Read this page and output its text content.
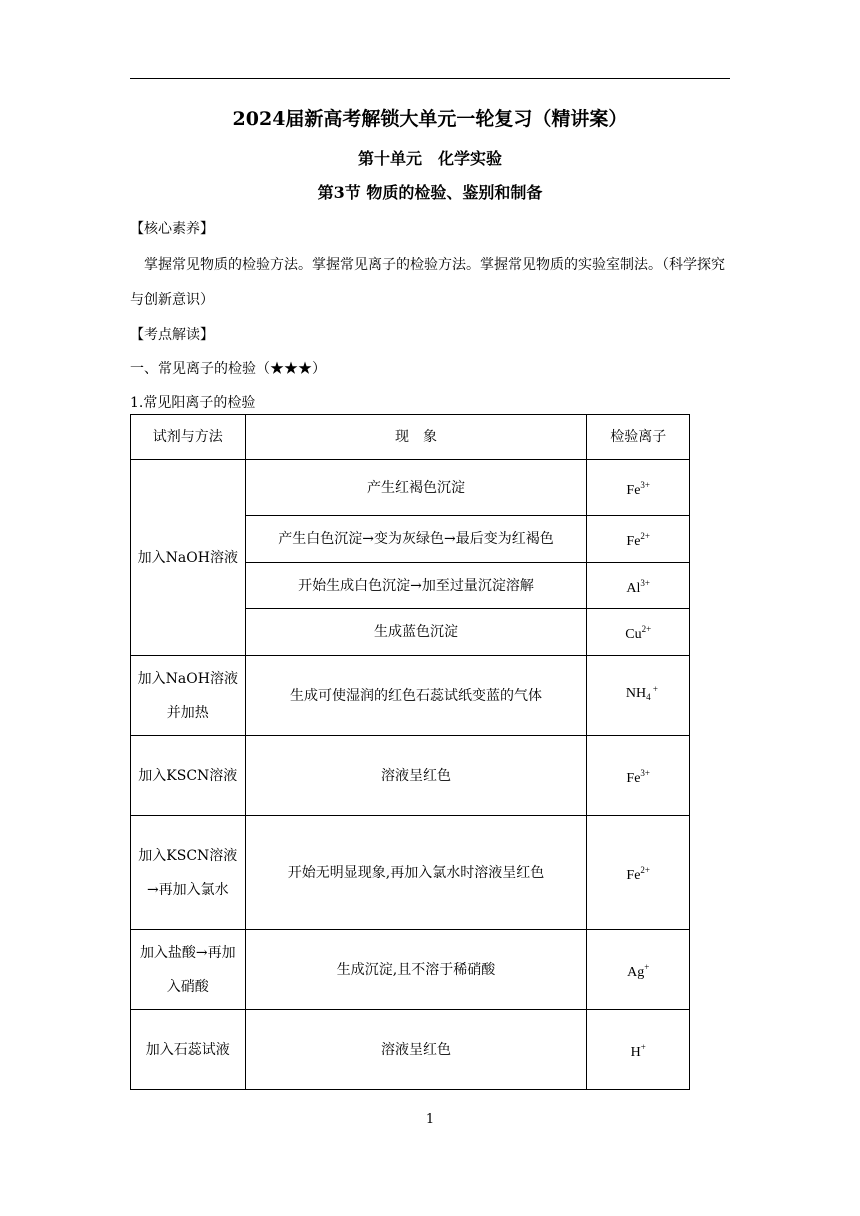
2024届新高考解锁大单元一轮复习（精讲案）
第十单元　化学实验
第3节 物质的检验、鉴别和制备
【核心素养】
掌握常见物质的检验方法。掌握常见离子的检验方法。掌握常见物质的实验室制法。（科学探究与创新意识）
【考点解读】
一、常见离子的检验（★★★）
1.常见阳离子的检验
试剂与方法	现　象	检验离子
加入NaOH溶液	产生红褐色沉淀	$Fe^{3+}$
	产生白色沉淀→变为灰绿色→最后变为红褐色	$Fe^{2+}$
	开始生成白色沉淀→加至过量沉淀溶解	$Al^{3+}$
	生成蓝色沉淀	$Cu^{2+}$
加入NaOH溶液并加热	生成可使湿润的红色石蕊试纸变蓝的气体	$NH_4$
+

加入KSCN溶液	溶液呈红色	$Fe^{3+}$
加入KSCN溶液→再加入氯水	开始无明显现象,再加入氯水时溶液呈红色	$Fe^{2+}$
加入盐酸→再加入硝酸	生成沉淀,且不溶于稀硝酸	Ag+
加入石蕊试液	溶液呈红色	H+
1
